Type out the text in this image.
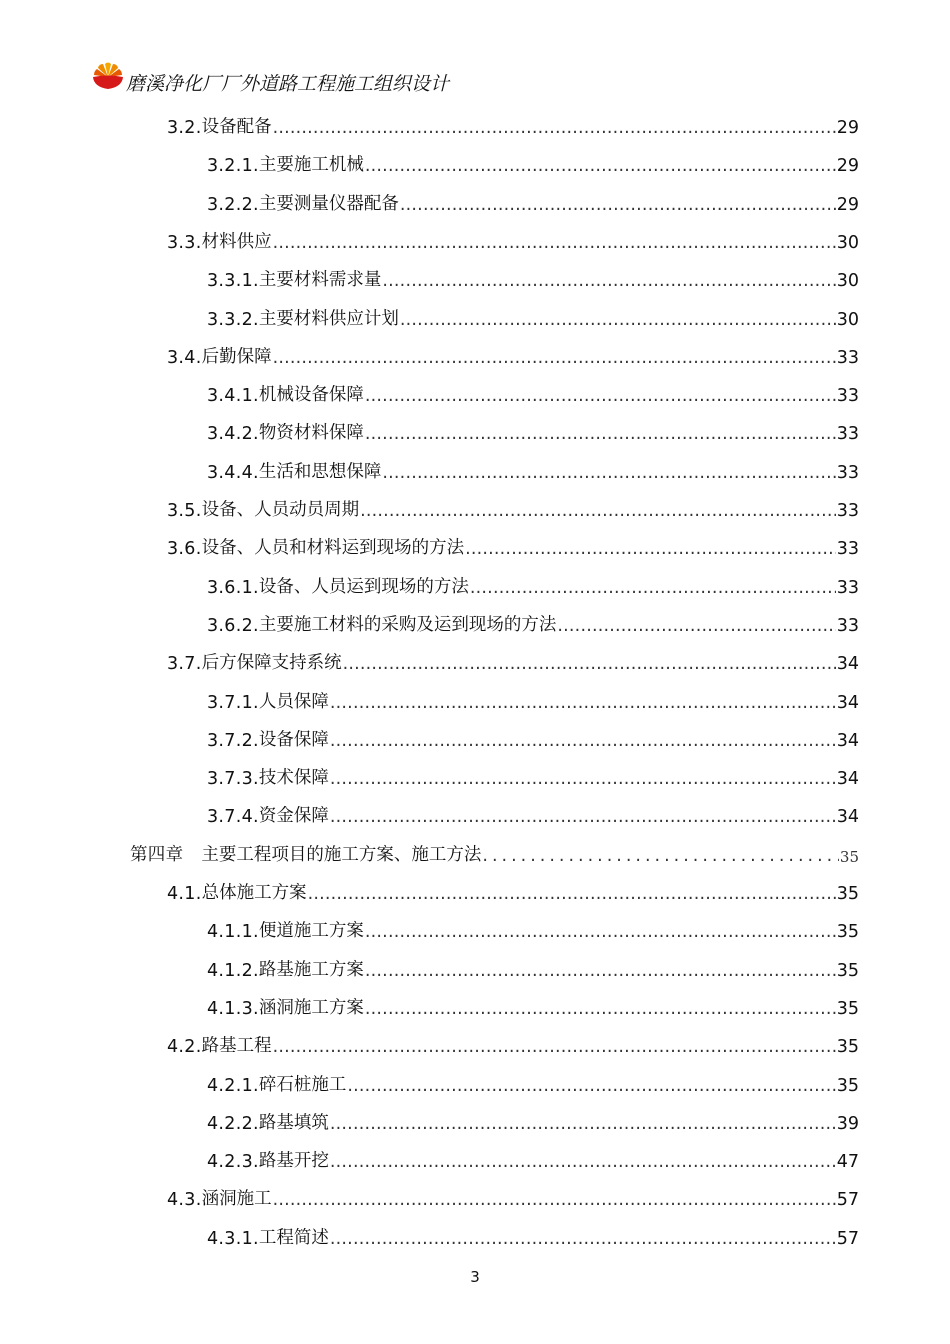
磨溪净化厂厂外道路工程施工组织设计
3.2. 设备配备 .....	29
3.2.1. 主要施工机械 .....	29
3.2.2. 主要测量仪器配备 .....	29
3.3. 材料供应 .....	30
3.3.1. 主要材料需求量 .....	30
3.3.2. 主要材料供应计划 .....	30
3.4. 后勤保障 .....	33
3.4.1. 机械设备保障 .....	33
3.4.2. 物资材料保障 .....	33
3.4.4. 生活和思想保障 .....	33
3.5. 设备、人员动员周期 .....	33
3.6. 设备、人员和材料运到现场的方法 .....	33
3.6.1. 设备、人员运到现场的方法 .....	33
3.6.2. 主要施工材料的采购及运到现场的方法 .....	33
3.7. 后方保障支持系统 .....	34
3.7.1. 人员保障 .....	34
3.7.2. 设备保障 .....	34
3.7.3. 技术保障 .....	34
3.7.4. 资金保障 .....	34
第四章 主要工程项目的施工方案、施工方法 .....	35
4.1. 总体施工方案 .....	35
4.1.1. 便道施工方案 .....	35
4.1.2. 路基施工方案 .....	35
4.1.3. 涵洞施工方案 .....	35
4.2. 路基工程 .....	35
4.2.1. 碎石桩施工 .....	35
4.2.2. 路基填筑 .....	39
4.2.3. 路基开挖 .....	47
4.3. 涵洞施工 .....	57
4.3.1. 工程简述 .....	57
3
